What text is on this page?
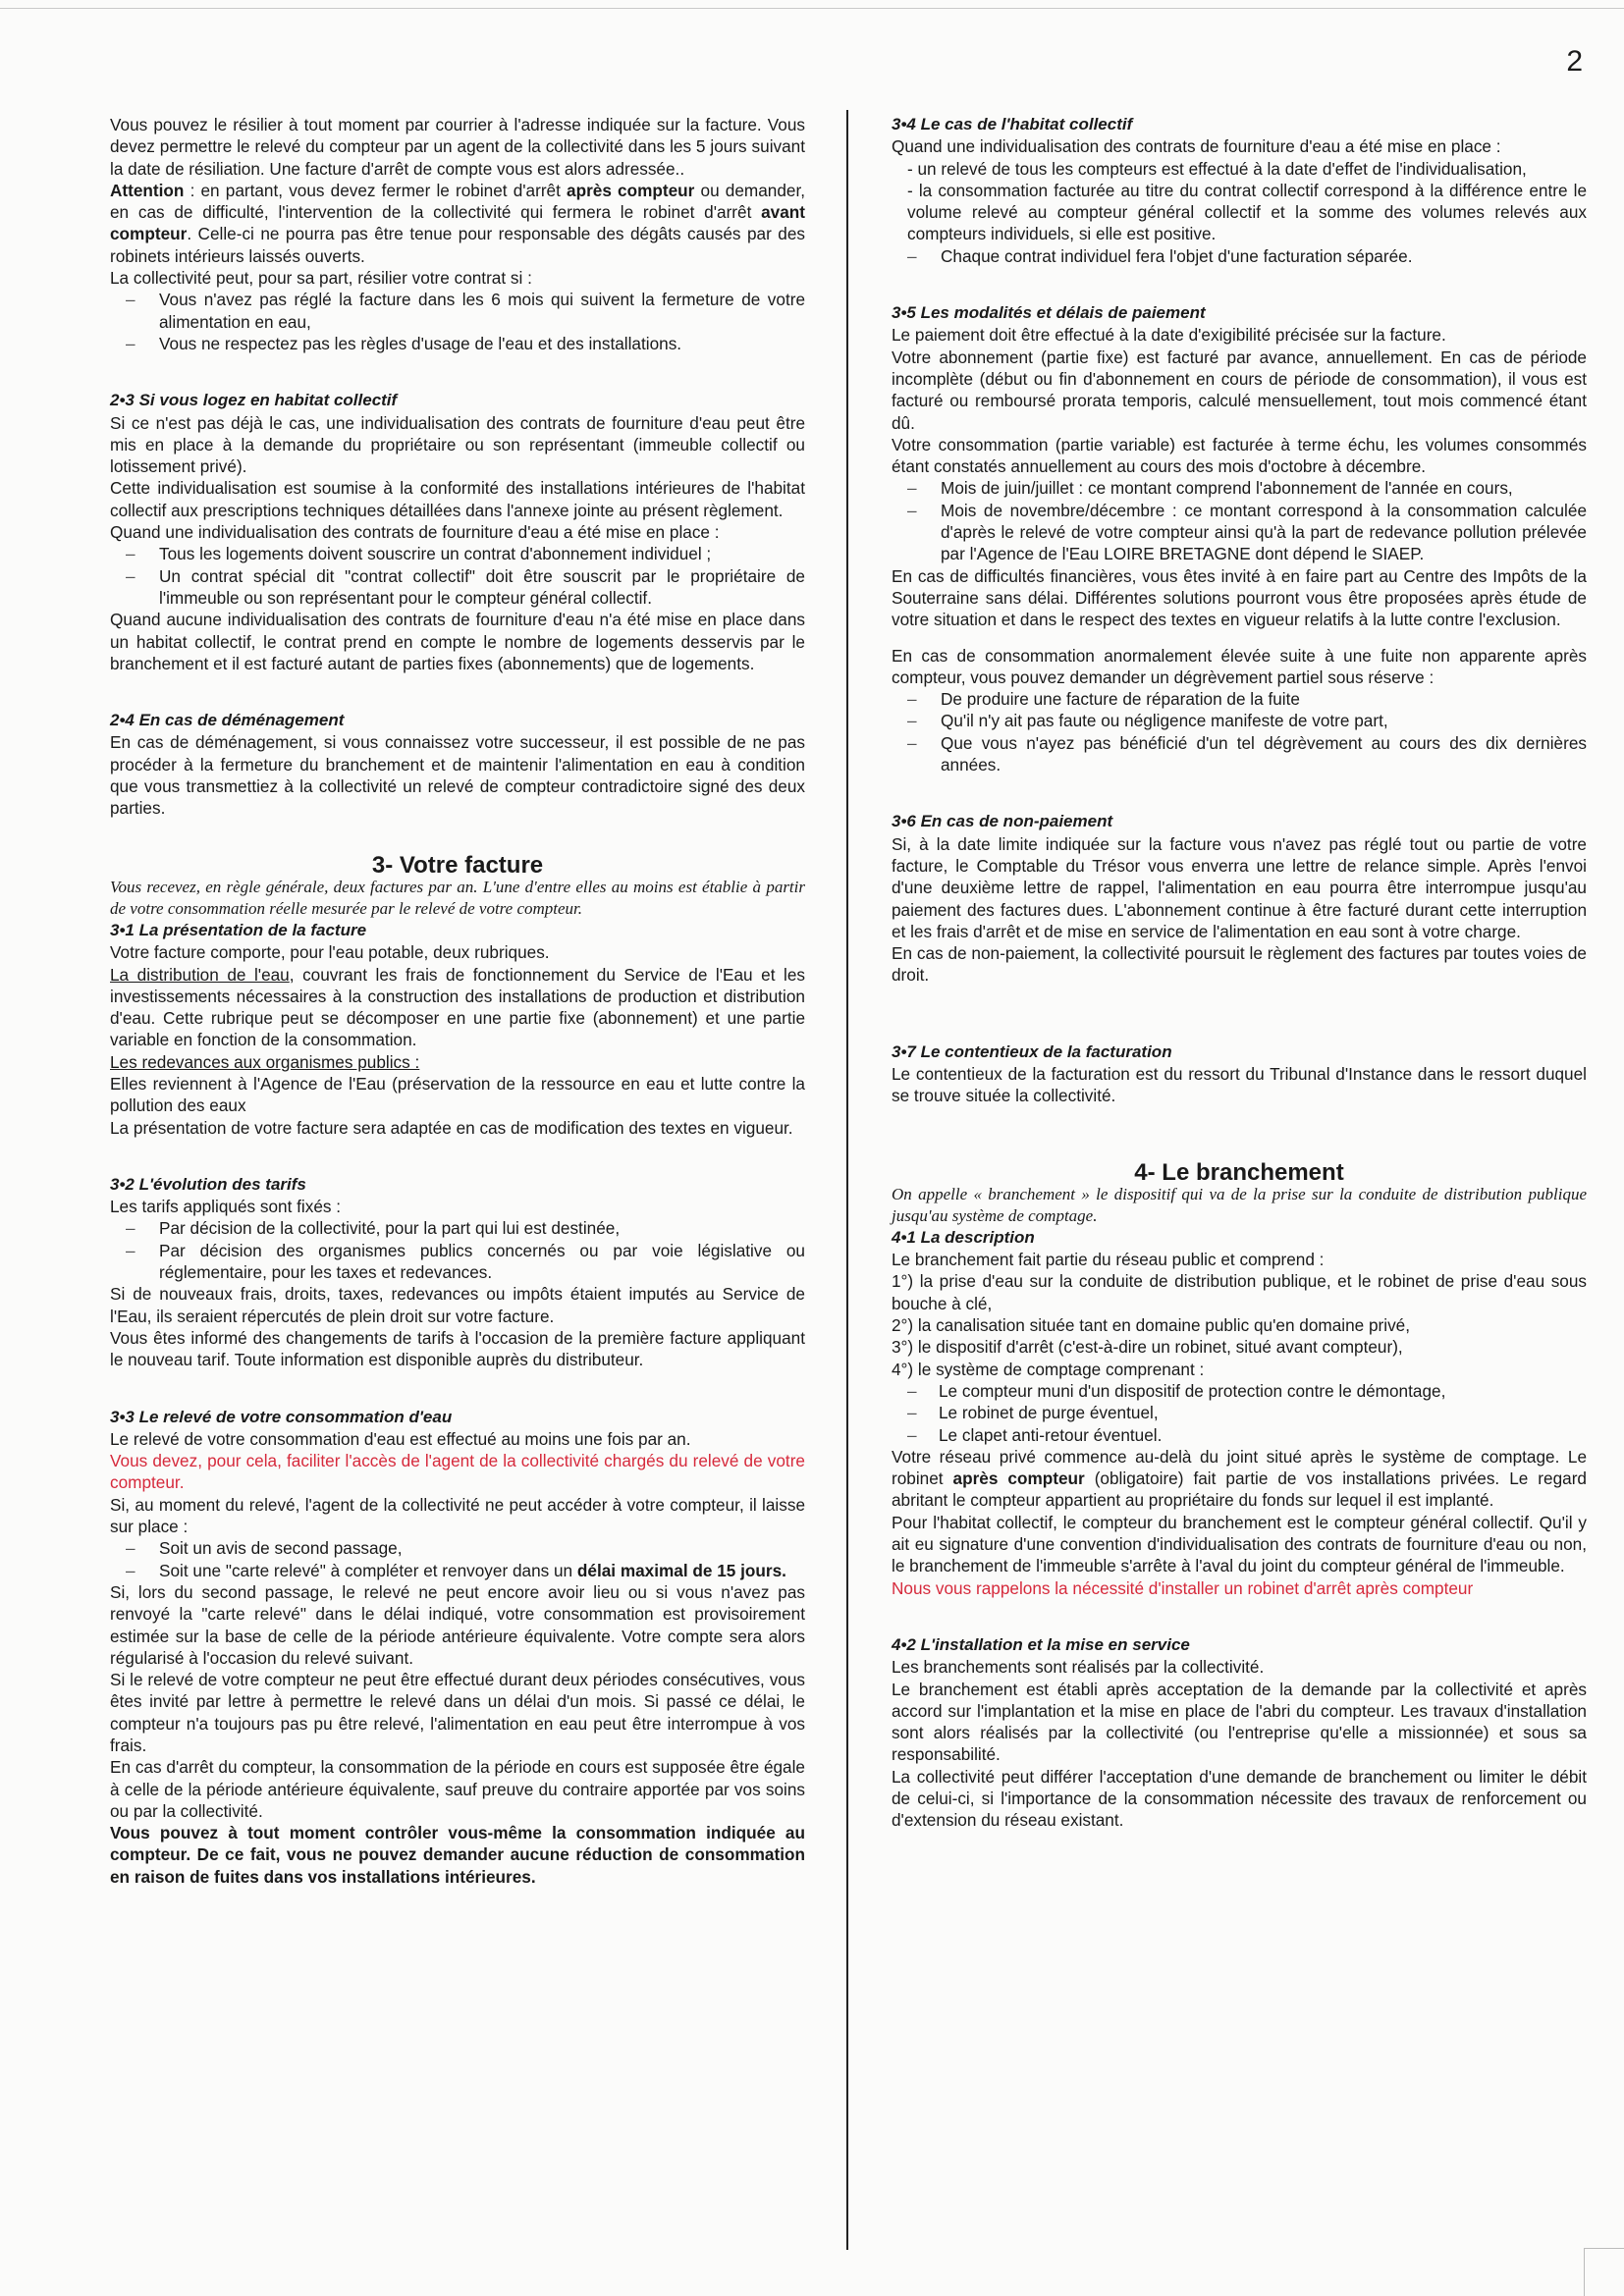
2

Vous pouvez le résilier à tout moment par courrier à l'adresse indiquée sur la facture. Vous devez permettre le relevé du compteur par un agent de la collectivité dans les 5 jours suivant la date de résiliation. Une facture d'arrêt de compte vous est alors adressée..

Attention : en partant, vous devez fermer le robinet d'arrêt après compteur ou demander, en cas de difficulté, l'intervention de la collectivité qui fermera le robinet d'arrêt avant compteur. Celle-ci ne pourra pas être tenue pour responsable des dégâts causés par des robinets intérieurs laissés ouverts.

La collectivité peut, pour sa part, résilier votre contrat si :

– Vous n'avez pas réglé la facture dans les 6 mois qui suivent la fermeture de votre alimentation en eau,
– Vous ne respectez pas les règles d'usage de l'eau et des installations.

2•3 Si vous logez en habitat collectif

Si ce n'est pas déjà le cas, une individualisation des contrats de fourniture d'eau peut être mis en place à la demande du propriétaire ou son représentant (immeuble collectif ou lotissement privé).

Cette individualisation est soumise à la conformité des installations intérieures de l'habitat collectif aux prescriptions techniques détaillées dans l'annexe jointe au présent règlement.

Quand une individualisation des contrats de fourniture d'eau a été mise en place :

– Tous les logements doivent souscrire un contrat d'abonnement individuel ;
– Un contrat spécial dit "contrat collectif" doit être souscrit par le propriétaire de l'immeuble ou son représentant pour le compteur général collectif.

Quand aucune individualisation des contrats de fourniture d'eau n'a été mise en place dans un habitat collectif, le contrat prend en compte le nombre de logements desservis par le branchement et il est facturé autant de parties fixes (abonnements) que de logements.

2•4 En cas de déménagement

En cas de déménagement, si vous connaissez votre successeur, il est possible de ne pas procéder à la fermeture du branchement et de maintenir l'alimentation en eau à condition que vous transmettiez à la collectivité un relevé de compteur contradictoire signé des deux parties.

3- Votre facture

Vous recevez, en règle générale, deux factures par an. L'une d'entre elles au moins est établie à partir de votre consommation réelle mesurée par le relevé de votre compteur.

3•1 La présentation de la facture

Votre facture comporte, pour l'eau potable, deux rubriques.

La distribution de l'eau, couvrant les frais de fonctionnement du Service de l'Eau et les investissements nécessaires à la construction des installations de production et distribution d'eau. Cette rubrique peut se décomposer en une partie fixe (abonnement) et une partie variable en fonction de la consommation.

Les redevances aux organismes publics :

Elles reviennent à l'Agence de l'Eau (préservation de la ressource en eau et lutte contre la pollution des eaux

La présentation de votre facture sera adaptée en cas de modification des textes en vigueur.

3•2 L'évolution des tarifs

Les tarifs appliqués sont fixés :

– Par décision de la collectivité, pour la part qui lui est destinée,
– Par décision des organismes publics concernés ou par voie législative ou réglementaire, pour les taxes et redevances.

Si de nouveaux frais, droits, taxes, redevances ou impôts étaient imputés au Service de l'Eau, ils seraient répercutés de plein droit sur votre facture.

Vous êtes informé des changements de tarifs à l'occasion de la première facture appliquant le nouveau tarif. Toute information est disponible auprès du distributeur.

3•3 Le relevé de votre consommation d'eau

Le relevé de votre consommation d'eau est effectué au moins une fois par an.

Vous devez, pour cela, faciliter l'accès de l'agent de la collectivité chargés du relevé de votre compteur.

Si, au moment du relevé, l'agent de la collectivité ne peut accéder à votre compteur, il laisse sur place :

– Soit un avis de second passage,
– Soit une "carte relevé" à compléter et renvoyer dans un délai maximal de 15 jours.

Si, lors du second passage, le relevé ne peut encore avoir lieu ou si vous n'avez pas renvoyé la "carte relevé" dans le délai indiqué, votre consommation est provisoirement estimée sur la base de celle de la période antérieure équivalente. Votre compte sera alors régularisé à l'occasion du relevé suivant.

Si le relevé de votre compteur ne peut être effectué durant deux périodes consécutives, vous êtes invité par lettre à permettre le relevé dans un délai d'un mois. Si passé ce délai, le compteur n'a toujours pas pu être relevé, l'alimentation en eau peut être interrompue à vos frais.

En cas d'arrêt du compteur, la consommation de la période en cours est supposée être égale à celle de la période antérieure équivalente, sauf preuve du contraire apportée par vos soins ou par la collectivité.

Vous pouvez à tout moment contrôler vous-même la consommation indiquée au compteur. De ce fait, vous ne pouvez demander aucune réduction de consommation en raison de fuites dans vos installations intérieures.

3•4 Le cas de l'habitat collectif

Quand une individualisation des contrats de fourniture d'eau a été mise en place :

- un relevé de tous les compteurs est effectué à la date d'effet de l'individualisation,

- la consommation facturée au titre du contrat collectif correspond à la différence entre le volume relevé au compteur général collectif et la somme des volumes relevés aux compteurs individuels, si elle est positive.

– Chaque contrat individuel fera l'objet d'une facturation séparée.

3•5 Les modalités et délais de paiement

Le paiement doit être effectué à la date d'exigibilité précisée sur la facture.

Votre abonnement (partie fixe) est facturé par avance, annuellement. En cas de période incomplète (début ou fin d'abonnement en cours de période de consommation), il vous est facturé ou remboursé prorata temporis, calculé mensuellement, tout mois commencé étant dû.

Votre consommation (partie variable) est facturée à terme échu, les volumes consommés étant constatés annuellement au cours des mois d'octobre à décembre.

– Mois de juin/juillet : ce montant comprend l'abonnement de l'année en cours,
– Mois de novembre/décembre : ce montant correspond à la consommation calculée d'après le relevé de votre compteur ainsi qu'à la part de redevance pollution prélevée par l'Agence de l'Eau LOIRE BRETAGNE dont dépend le SIAEP.

En cas de difficultés financières, vous êtes invité à en faire part au Centre des Impôts de la Souterraine sans délai. Différentes solutions pourront vous être proposées après étude de votre situation et dans le respect des textes en vigueur relatifs à la lutte contre l'exclusion.

En cas de consommation anormalement élevée suite à une fuite non apparente après compteur, vous pouvez demander un dégrèvement partiel sous réserve :

– De produire une facture de réparation de la fuite
– Qu'il n'y ait pas faute ou négligence manifeste de votre part,
– Que vous n'ayez pas bénéficié d'un tel dégrèvement au cours des dix dernières années.

3•6 En cas de non-paiement

Si, à la date limite indiquée sur la facture vous n'avez pas réglé tout ou partie de votre facture, le Comptable du Trésor vous enverra une lettre de relance simple. Après l'envoi d'une deuxième lettre de rappel, l'alimentation en eau pourra être interrompue jusqu'au paiement des factures dues. L'abonnement continue à être facturé durant cette interruption et les frais d'arrêt et de mise en service de l'alimentation en eau sont à votre charge.

En cas de non-paiement, la collectivité poursuit le règlement des factures par toutes voies de droit.

3•7 Le contentieux de la facturation

Le contentieux de la facturation est du ressort du Tribunal d'Instance dans le ressort duquel se trouve située la collectivité.

4- Le branchement

On appelle « branchement » le dispositif qui va de la prise sur la conduite de distribution publique jusqu'au système de comptage.

4•1 La description

Le branchement fait partie du réseau public et comprend :

1°) la prise d'eau sur la conduite de distribution publique, et le robinet de prise d'eau sous bouche à clé,

2°) la canalisation située tant en domaine public qu'en domaine privé,

3°) le dispositif d'arrêt (c'est-à-dire un robinet, situé avant compteur),

4°) le système de comptage comprenant :

– Le compteur muni d'un dispositif de protection contre le démontage,
– Le robinet de purge éventuel,
– Le clapet anti-retour éventuel.

Votre réseau privé commence au-delà du joint situé après le système de comptage. Le robinet après compteur (obligatoire) fait partie de vos installations privées. Le regard abritant le compteur appartient au propriétaire du fonds sur lequel il est implanté.

Pour l'habitat collectif, le compteur du branchement est le compteur général collectif. Qu'il y ait eu signature d'une convention d'individualisation des contrats de fourniture d'eau ou non, le branchement de l'immeuble s'arrête à l'aval du joint du compteur général de l'immeuble.

Nous vous rappelons la nécessité d'installer un robinet d'arrêt après compteur

4•2 L'installation et la mise en service

Les branchements sont réalisés par la collectivité.

Le branchement est établi après acceptation de la demande par la collectivité et après accord sur l'implantation et la mise en place de l'abri du compteur. Les travaux d'installation sont alors réalisés par la collectivité (ou l'entreprise qu'elle a missionnée) et sous sa responsabilité.

La collectivité peut différer l'acceptation d'une demande de branchement ou limiter le débit de celui-ci, si l'importance de la consommation nécessite des travaux de renforcement ou d'extension du réseau existant.
